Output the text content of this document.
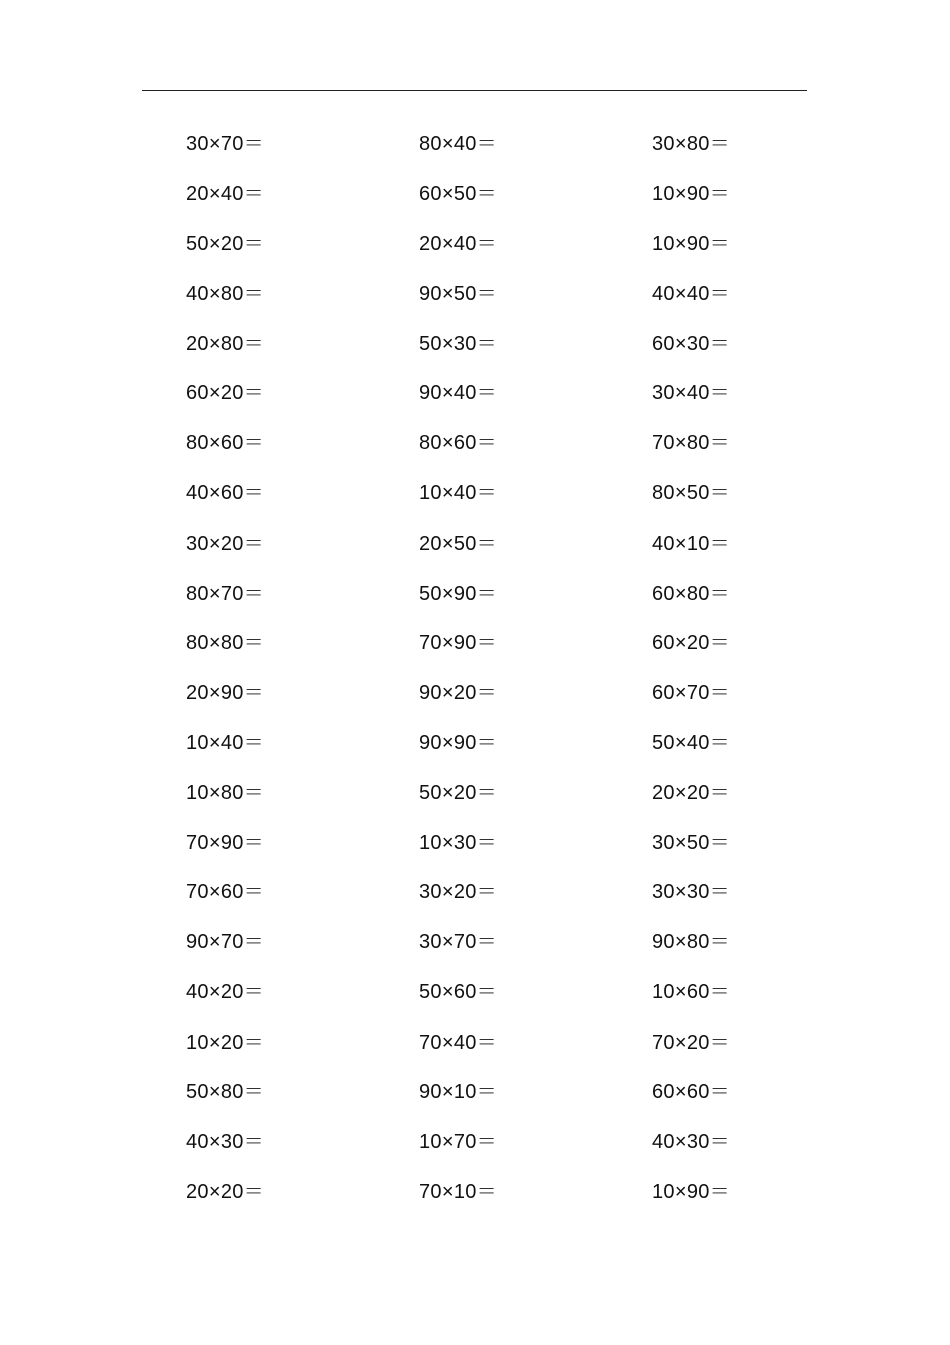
30×70＝
20×40＝
50×20＝
40×80＝
20×80＝
60×20＝
80×60＝
40×60＝
30×20＝
80×70＝
80×80＝
20×90＝
10×40＝
10×80＝
70×90＝
70×60＝
90×70＝
40×20＝
10×20＝
50×80＝
40×30＝
20×20＝
80×40＝
60×50＝
20×40＝
90×50＝
50×30＝
90×40＝
80×60＝
10×40＝
20×50＝
50×90＝
70×90＝
90×20＝
90×90＝
50×20＝
10×30＝
30×20＝
30×70＝
50×60＝
70×40＝
90×10＝
10×70＝
70×10＝
30×80＝
10×90＝
10×90＝
40×40＝
60×30＝
30×40＝
70×80＝
80×50＝
40×10＝
60×80＝
60×20＝
60×70＝
50×40＝
20×20＝
30×50＝
30×30＝
90×80＝
10×60＝
70×20＝
60×60＝
40×30＝
10×90＝
